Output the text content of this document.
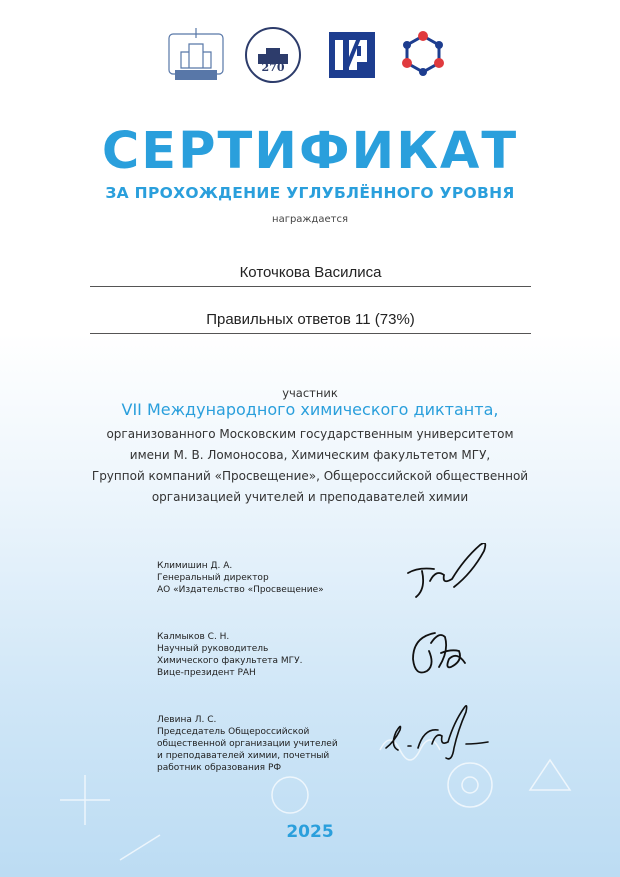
270
СЕРТИФИКАТ
ЗА ПРОХОЖДЕНИЕ УГЛУБЛЁННОГО УРОВНЯ
награждается
Коточкова Василиса
Правильных ответов 11 (73%)
участник
VII Международного химического диктанта,
организованного Московским государственным университетом
имени М. В. Ломоносова, Химическим факультетом МГУ,
Группой компаний «Просвещение», Общероссийской общественной
организацией учителей и преподавателей химии
Климишин Д. А.
Генеральный директор
АО «Издательство «Просвещение»
Калмыков С. Н.
Научный руководитель
Химического факультета МГУ.
Вице-президент РАН
Левина Л. С.
Председатель Общероссийской
общественной организации учителей
и преподавателей химии, почетный
работник образования РФ
2025
